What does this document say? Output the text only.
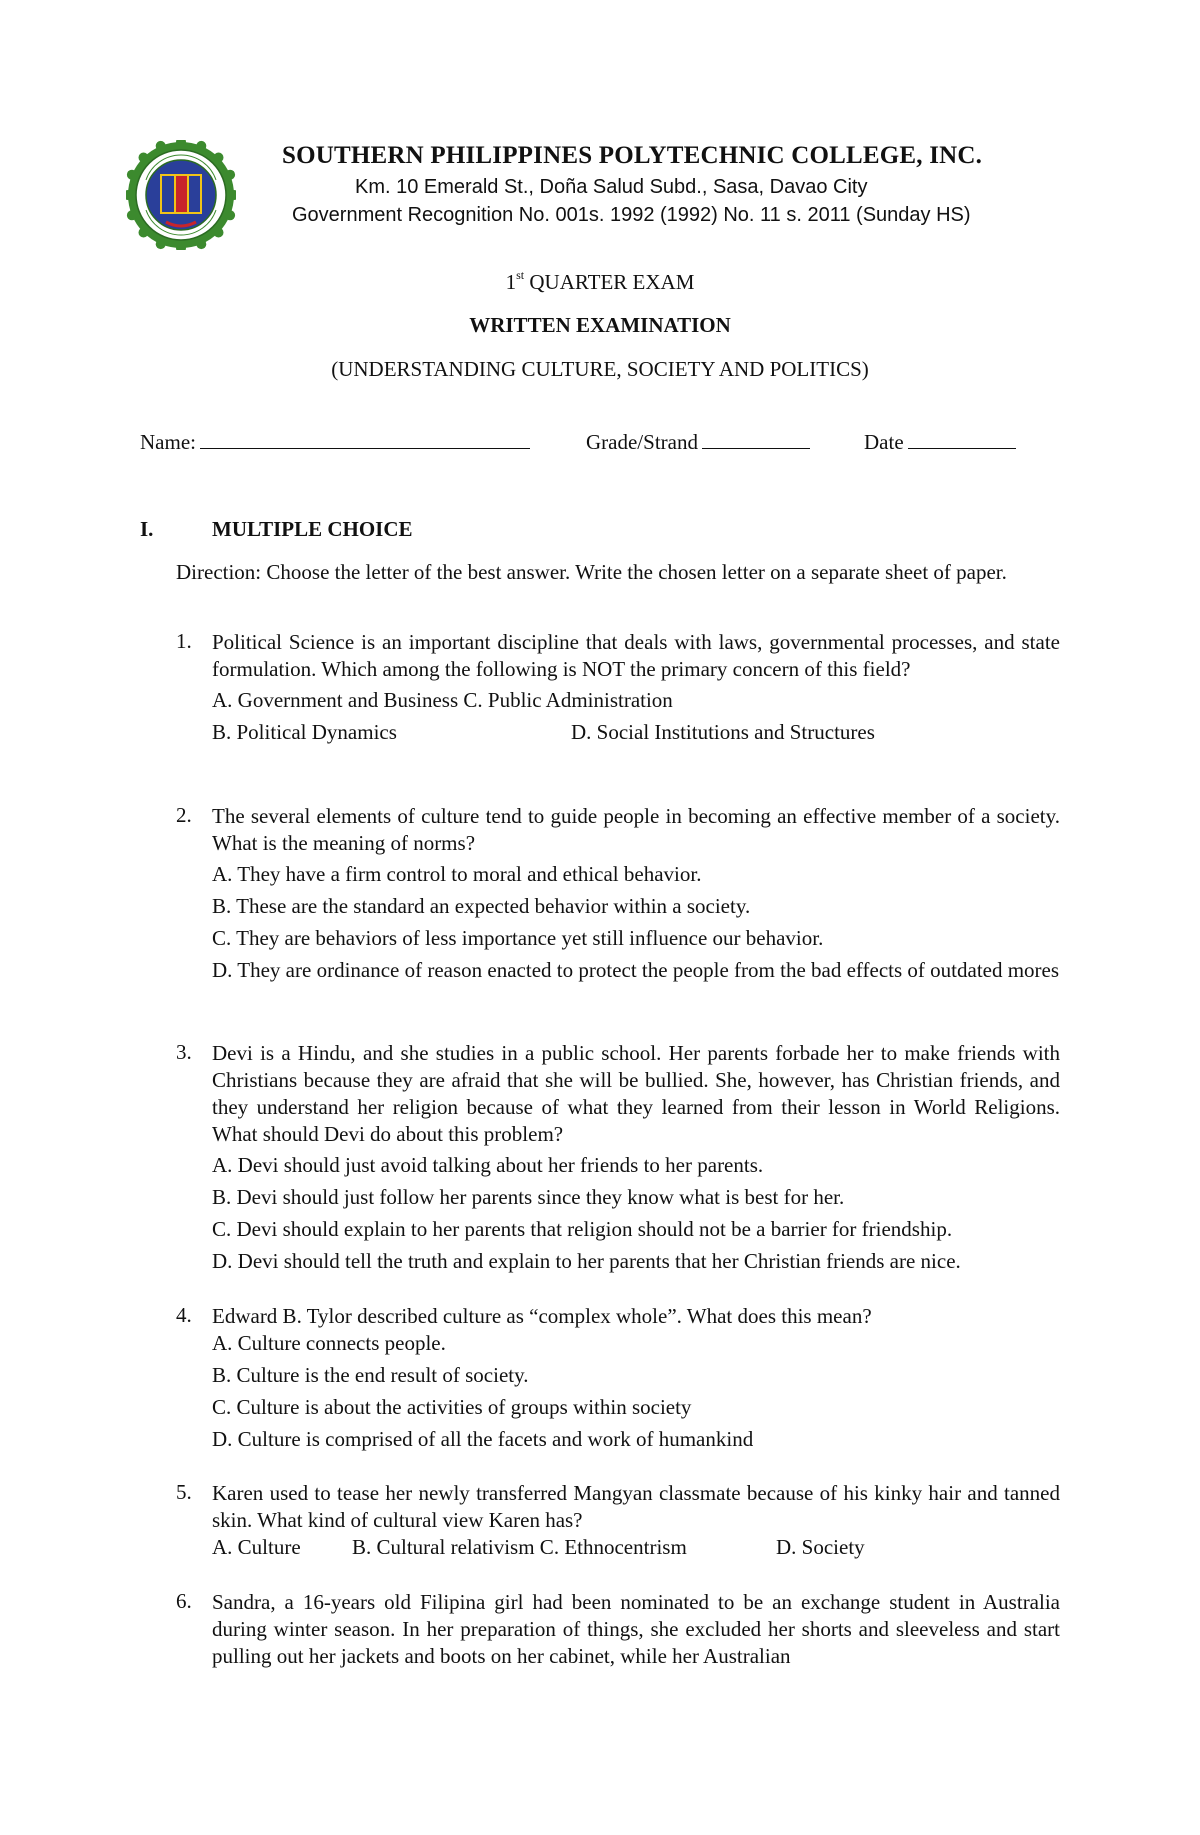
SOUTHERN PHILIPPINES POLYTECHNIC COLLEGE, INC.
Km. 10 Emerald St., Doña Salud Subd., Sasa, Davao City
Government Recognition No. 001s. 1992 (1992) No. 11 s. 2011 (Sunday HS)
1st QUARTER EXAM
WRITTEN EXAMINATION
(UNDERSTANDING CULTURE, SOCIETY AND POLITICS)
Name:	Grade/Strand	Date
I.	MULTIPLE CHOICE
Direction: Choose the letter of the best answer. Write the chosen letter on a separate sheet of paper.
1. Political Science is an important discipline that deals with laws, governmental processes, and state formulation. Which among the following is NOT the primary concern of this field?
A. Government and Business C. Public Administration
B. Political Dynamics	D. Social Institutions and Structures
2. The several elements of culture tend to guide people in becoming an effective member of a society. What is the meaning of norms?
A. They have a firm control to moral and ethical behavior.
B. These are the standard an expected behavior within a society.
C. They are behaviors of less importance yet still influence our behavior.
D. They are ordinance of reason enacted to protect the people from the bad effects of outdated mores
3. Devi is a Hindu, and she studies in a public school. Her parents forbade her to make friends with Christians because they are afraid that she will be bullied. She, however, has Christian friends, and they understand her religion because of what they learned from their lesson in World Religions. What should Devi do about this problem?
A. Devi should just avoid talking about her friends to her parents.
B. Devi should just follow her parents since they know what is best for her.
C. Devi should explain to her parents that religion should not be a barrier for friendship.
D. Devi should tell the truth and explain to her parents that her Christian friends are nice.
4. Edward B. Tylor described culture as “complex whole”. What does this mean?
A. Culture connects people.
B. Culture is the end result of society.
C. Culture is about the activities of groups within society
D. Culture is comprised of all the facets and work of humankind
5. Karen used to tease her newly transferred Mangyan classmate because of his kinky hair and tanned skin. What kind of cultural view Karen has?
A. Culture B. Cultural relativism C. Ethnocentrism	D. Society
6. Sandra, a 16-years old Filipina girl had been nominated to be an exchange student in Australia during winter season. In her preparation of things, she excluded her shorts and sleeveless and start pulling out her jackets and boots on her cabinet, while her Australian
